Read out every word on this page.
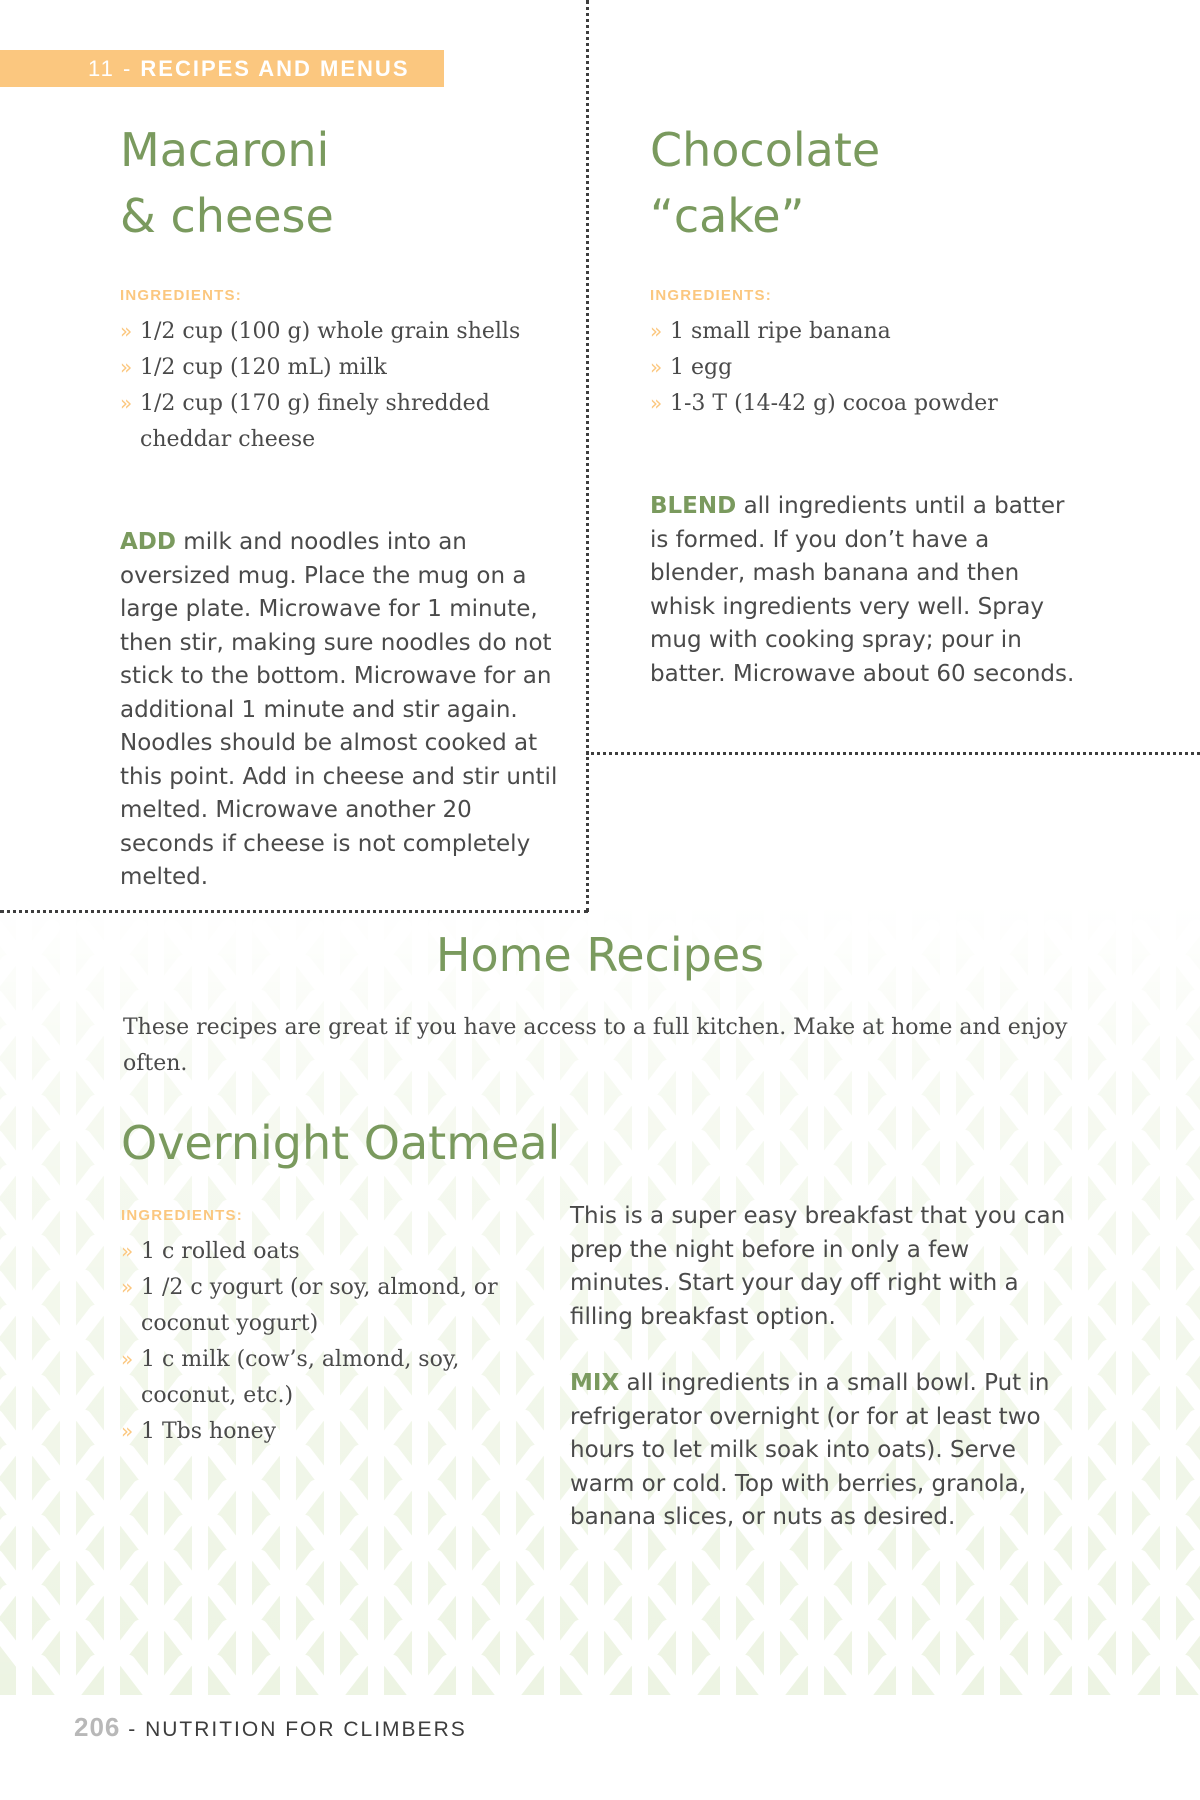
11 - RECIPES AND MENUS
Macaroni
& cheese

INGREDIENTS:

» 1/2 cup (100 g) whole grain shells
» 1/2 cup (120 mL) milk
» 1/2 cup (170 g) finely shredded cheddar cheese

ADD milk and noodles into an oversized mug. Place the mug on a large plate. Microwave for 1 minute, then stir, making sure noodles do not stick to the bottom. Microwave for an additional 1 minute and stir again. Noodles should be almost cooked at this point. Add in cheese and stir until melted. Microwave another 20 seconds if cheese is not completely melted.

Chocolate
“cake”

INGREDIENTS:

» 1 small ripe banana
» 1 egg
» 1-3 T (14-42 g) cocoa powder

BLEND all ingredients until a batter is formed. If you don’t have a blender, mash banana and then whisk ingredients very well. Spray mug with cooking spray; pour in batter. Microwave about 60 seconds.

Home Recipes

These recipes are great if you have access to a full kitchen. Make at home and enjoy often.

Overnight Oatmeal

INGREDIENTS:

» 1 c rolled oats
» 1 /2 c yogurt (or soy, almond, or coconut yogurt)
» 1 c milk (cow’s, almond, soy, coconut, etc.)
» 1 Tbs honey

This is a super easy breakfast that you can prep the night before in only a few minutes. Start your day off right with a filling breakfast option.

MIX all ingredients in a small bowl. Put in refrigerator overnight (or for at least two hours to let milk soak into oats). Serve warm or cold. Top with berries, granola, banana slices, or nuts as desired.

206 - NUTRITION FOR CLIMBERS
